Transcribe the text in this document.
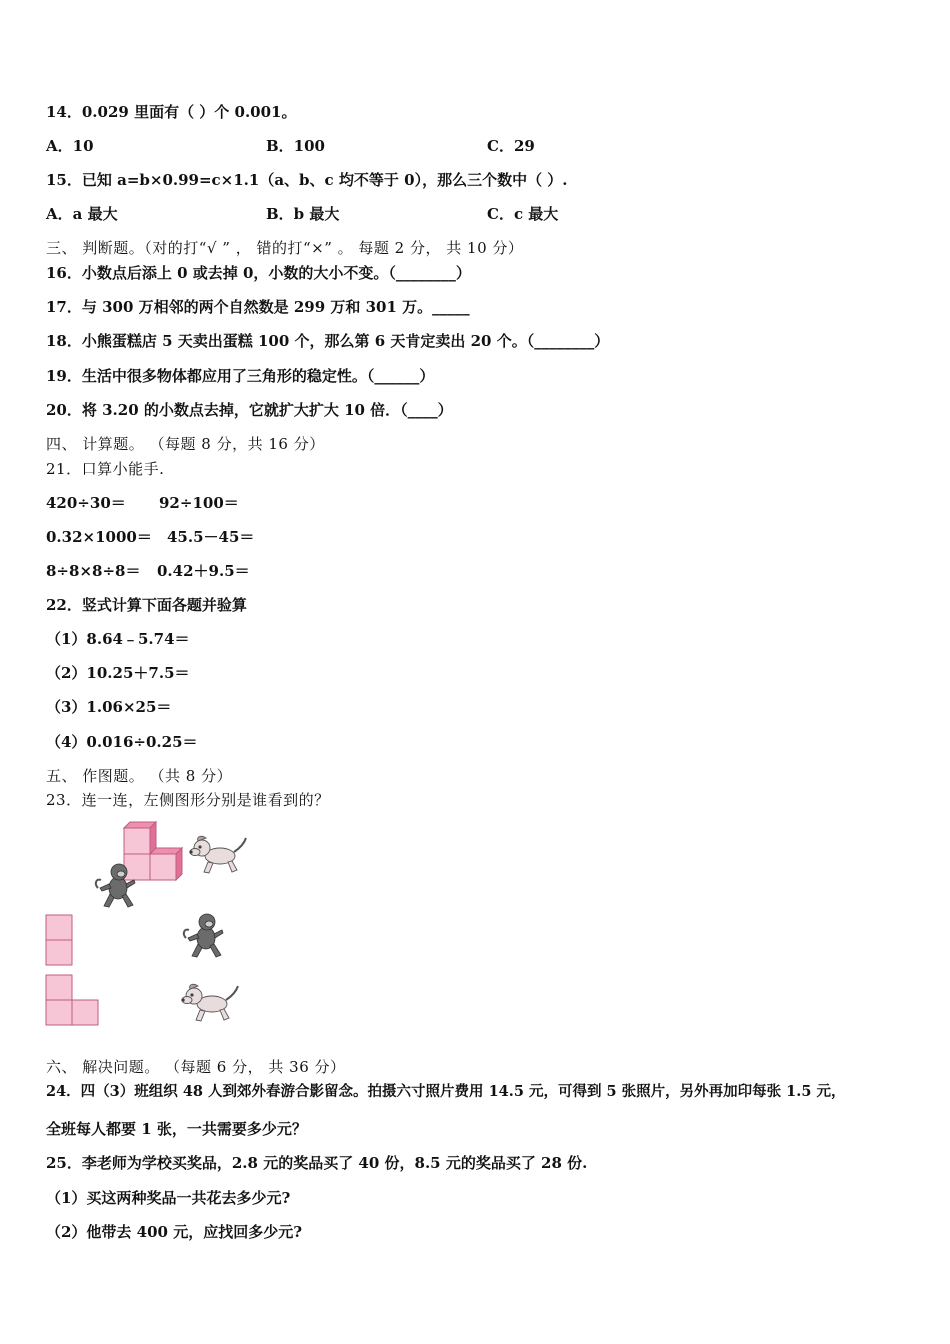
14．0.029 里面有（ ）个 0.001。
A．10	B．100	C．29
15．已知 a=b×0.99=c×1.1（a、b、c 均不等于 0），那么三个数中（ ）.
A．a 最大	B．b 最大	C．c 最大
三、 判断题。（对的打“√ ” ， 错的打“×” 。 每题 2 分， 共 10 分）
16．小数点后添上 0 或去掉 0，小数的大小不变。（________）
17．与 300 万相邻的两个自然数是 299 万和 301 万。_____
18．小熊蛋糕店 5 天卖出蛋糕 100 个，那么第 6 天肯定卖出 20 个。（________）
19．生活中很多物体都应用了三角形的稳定性。（______）
20．将 3.20 的小数点去掉，它就扩大扩大 10 倍．（____）
四、 计算题。 （每题 8 分，共 16 分）
21．口算小能手.
420÷30＝ 92÷100＝
0.32×1000＝ 45.5－45＝
8÷8×8÷8＝ 0.42＋9.5＝
22．竖式计算下面各题并验算
（1）8.64﹣5.74＝
（2）10.25＋7.5＝
（3）1.06×25＝
（4）0.016÷0.25＝
五、 作图题。 （共 8 分）
23．连一连，左侧图形分别是谁看到的？
六、 解决问题。 （每题 6 分， 共 36 分）
24．四（3）班组织 48 人到郊外春游合影留念。拍摄六寸照片费用 14.5 元，可得到 5 张照片，另外再加印每张 1.5 元，
全班每人都要 1 张，一共需要多少元？
25．李老师为学校买奖品，2.8 元的奖品买了 40 份，8.5 元的奖品买了 28 份.
（1）买这两种奖品一共花去多少元?
（2）他带去 400 元，应找回多少元?
